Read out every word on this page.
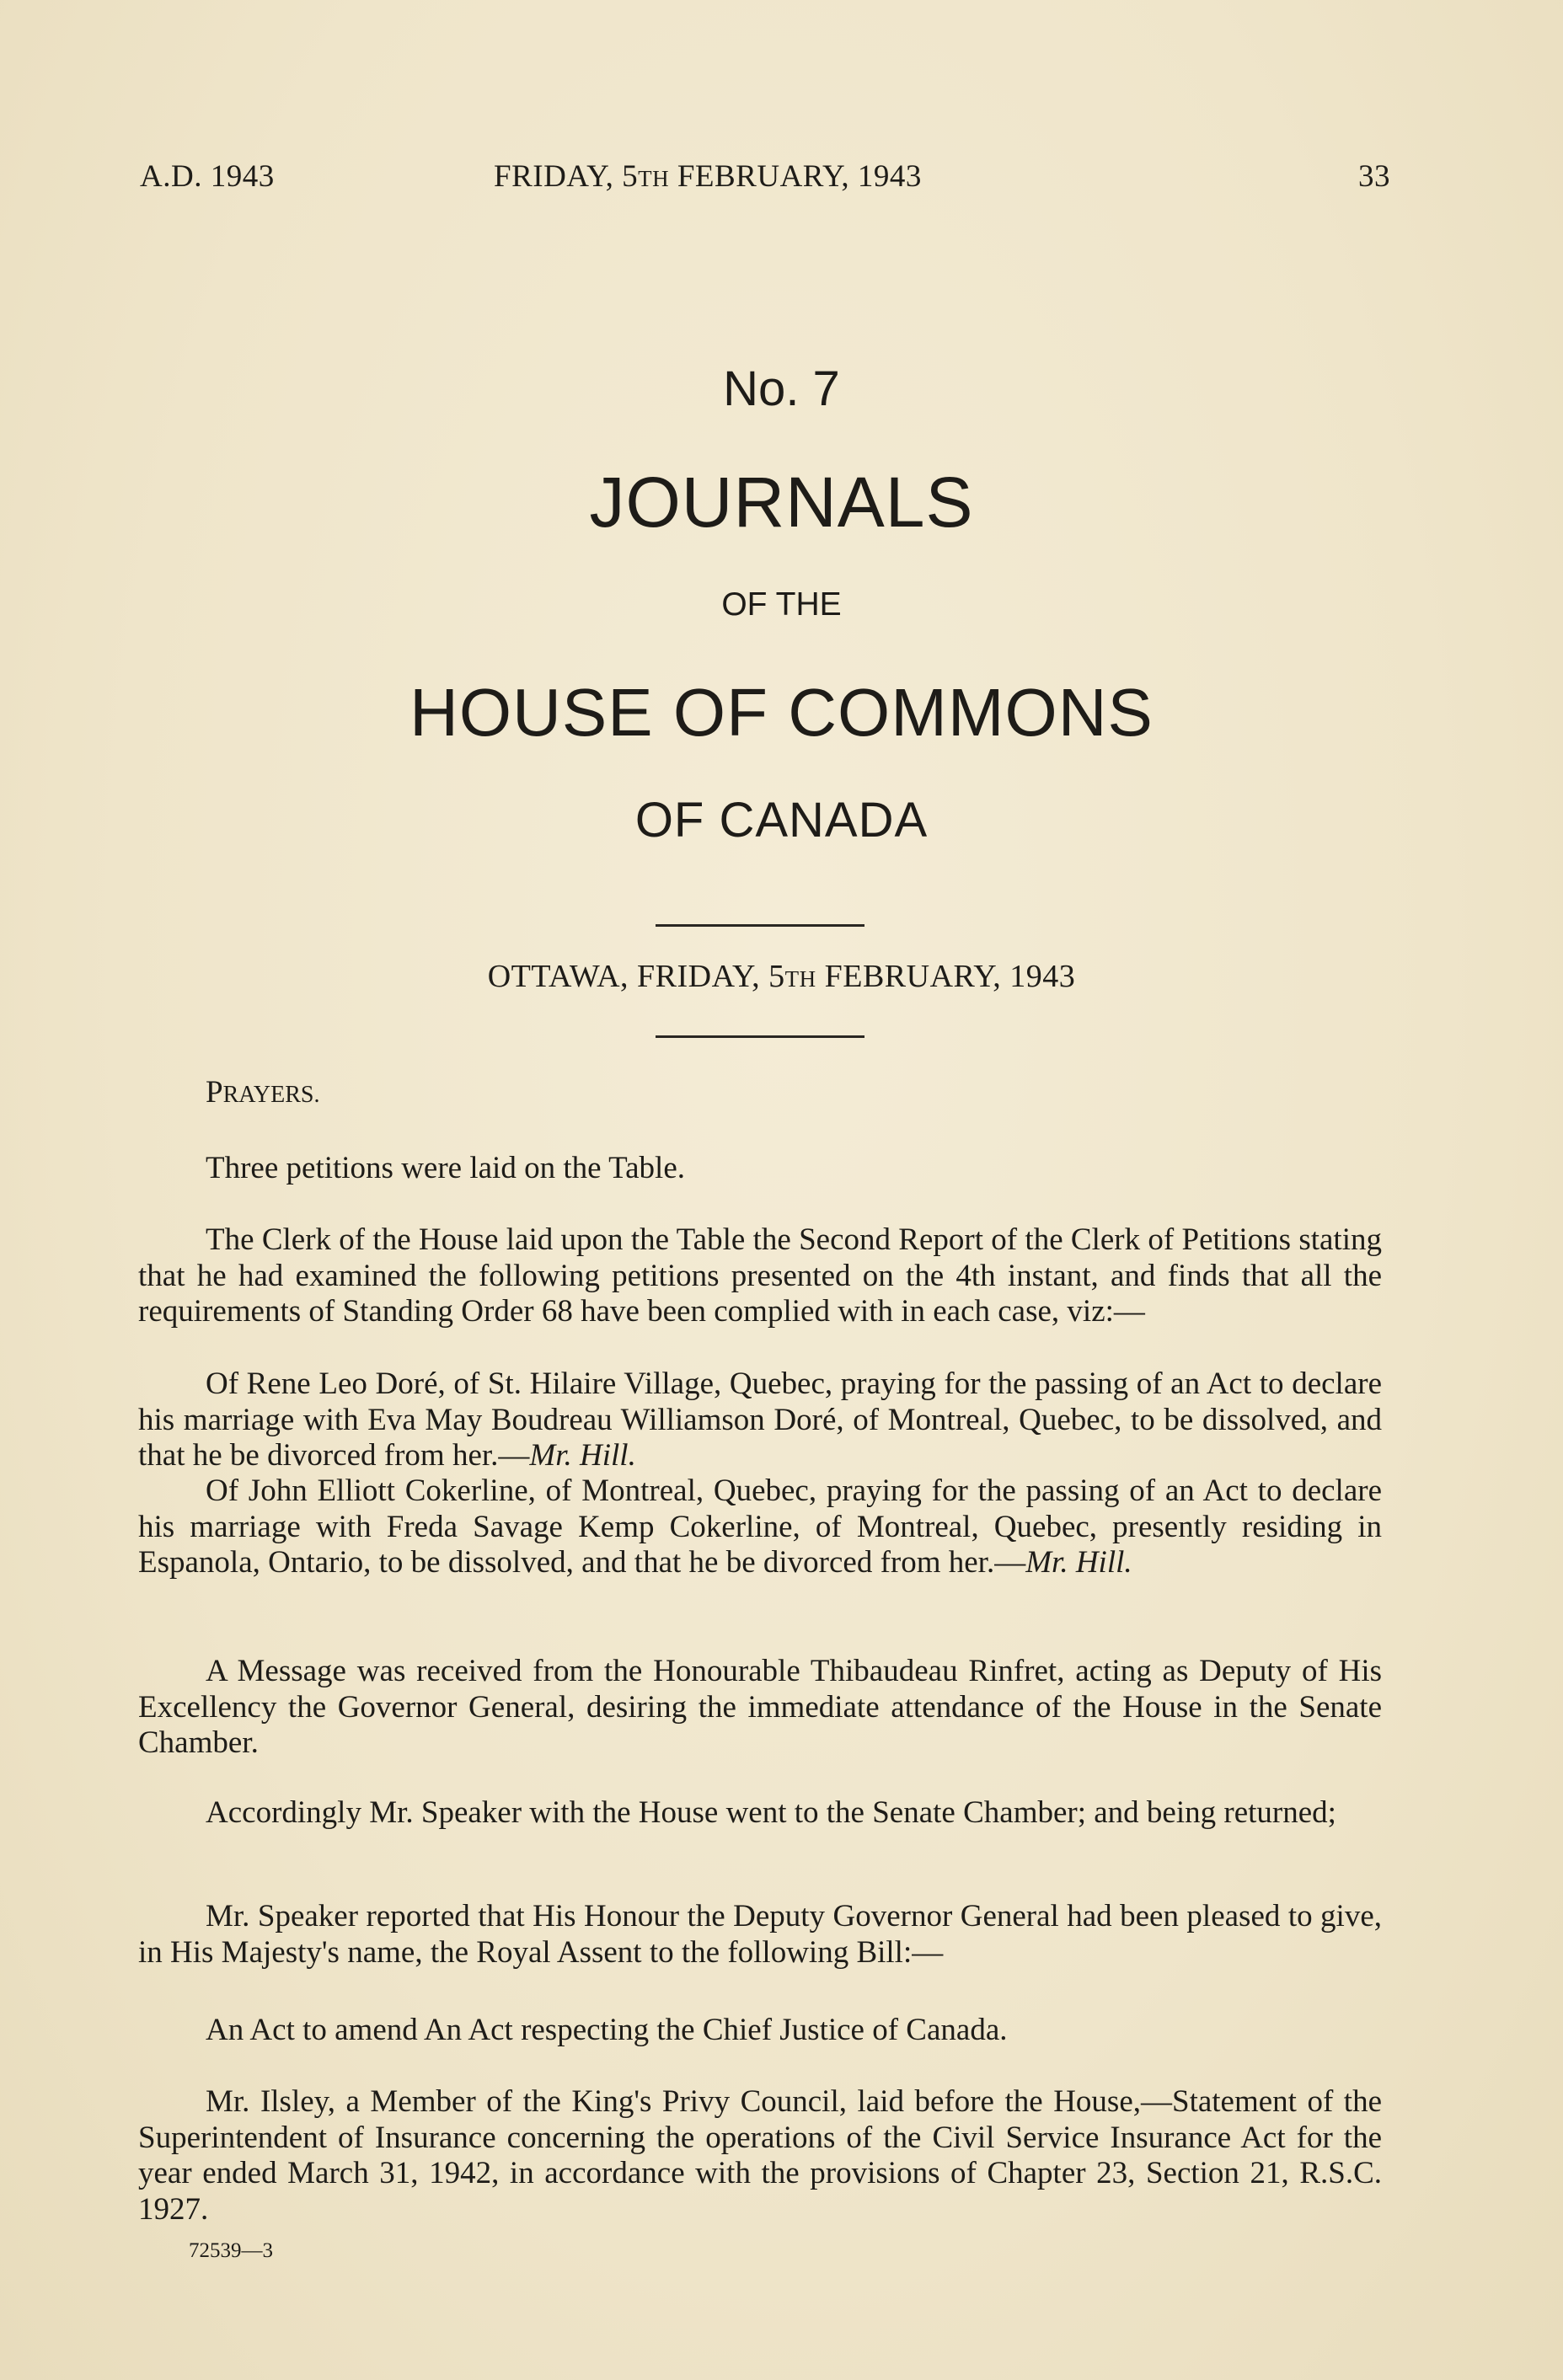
A.D. 1943	FRIDAY, 5TH FEBRUARY, 1943	33
No. 7
JOURNALS
OF THE
HOUSE OF COMMONS
OF CANADA
OTTAWA, FRIDAY, 5TH FEBRUARY, 1943

PRAYERS.

Three petitions were laid on the Table.

The Clerk of the House laid upon the Table the Second Report of the Clerk of Petitions stating that he had examined the following petitions presented on the 4th instant, and finds that all the requirements of Standing Order 68 have been complied with in each case, viz:—

Of Rene Leo Doré, of St. Hilaire Village, Quebec, praying for the passing of an Act to declare his marriage with Eva May Boudreau Williamson Doré, of Montreal, Quebec, to be dissolved, and that he be divorced from her.—Mr. Hill.

Of John Elliott Cokerline, of Montreal, Quebec, praying for the passing of an Act to declare his marriage with Freda Savage Kemp Cokerline, of Montreal, Quebec, presently residing in Espanola, Ontario, to be dissolved, and that he be divorced from her.—Mr. Hill.

A Message was received from the Honourable Thibaudeau Rinfret, acting as Deputy of His Excellency the Governor General, desiring the immediate attendance of the House in the Senate Chamber.

Accordingly Mr. Speaker with the House went to the Senate Chamber; and being returned;

Mr. Speaker reported that His Honour the Deputy Governor General had been pleased to give, in His Majesty's name, the Royal Assent to the following Bill:—

An Act to amend An Act respecting the Chief Justice of Canada.

Mr. Ilsley, a Member of the King's Privy Council, laid before the House,—Statement of the Superintendent of Insurance concerning the operations of the Civil Service Insurance Act for the year ended March 31, 1942, in accordance with the provisions of Chapter 23, Section 21, R.S.C. 1927.

72539—3
